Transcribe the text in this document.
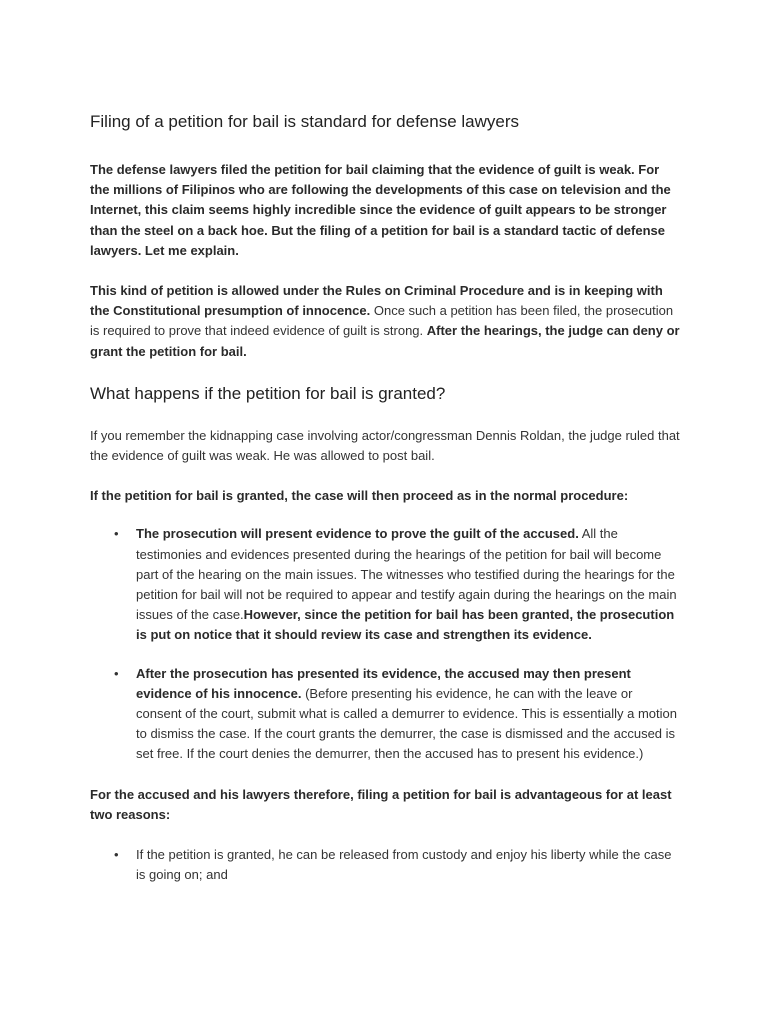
Filing of a petition for bail is standard for defense lawyers

The defense lawyers filed the petition for bail claiming that the evidence of guilt is weak. For the millions of Filipinos who are following the developments of this case on television and the Internet, this claim seems highly incredible since the evidence of guilt appears to be stronger than the steel on a back hoe. But the filing of a petition for bail is a standard tactic of defense lawyers. Let me explain.

This kind of petition is allowed under the Rules on Criminal Procedure and is in keeping with the Constitutional presumption of innocence. Once such a petition has been filed, the prosecution is required to prove that indeed evidence of guilt is strong. After the hearings, the judge can deny or grant the petition for bail.

What happens if the petition for bail is granted?

If you remember the kidnapping case involving actor/congressman Dennis Roldan, the judge ruled that the evidence of guilt was weak. He was allowed to post bail.

If the petition for bail is granted, the case will then proceed as in the normal procedure:

• The prosecution will present evidence to prove the guilt of the accused. All the testimonies and evidences presented during the hearings of the petition for bail will become part of the hearing on the main issues. The witnesses who testified during the hearings for the petition for bail will not be required to appear and testify again during the hearings on the main issues of the case.However, since the petition for bail has been granted, the prosecution is put on notice that it should review its case and strengthen its evidence.
• After the prosecution has presented its evidence, the accused may then present evidence of his innocence. (Before presenting his evidence, he can with the leave or consent of the court, submit what is called a demurrer to evidence. This is essentially a motion to dismiss the case. If the court grants the demurrer, the case is dismissed and the accused is set free. If the court denies the demurrer, then the accused has to present his evidence.)

For the accused and his lawyers therefore, filing a petition for bail is advantageous for at least two reasons:

• If the petition is granted, he can be released from custody and enjoy his liberty while the case is going on; and
